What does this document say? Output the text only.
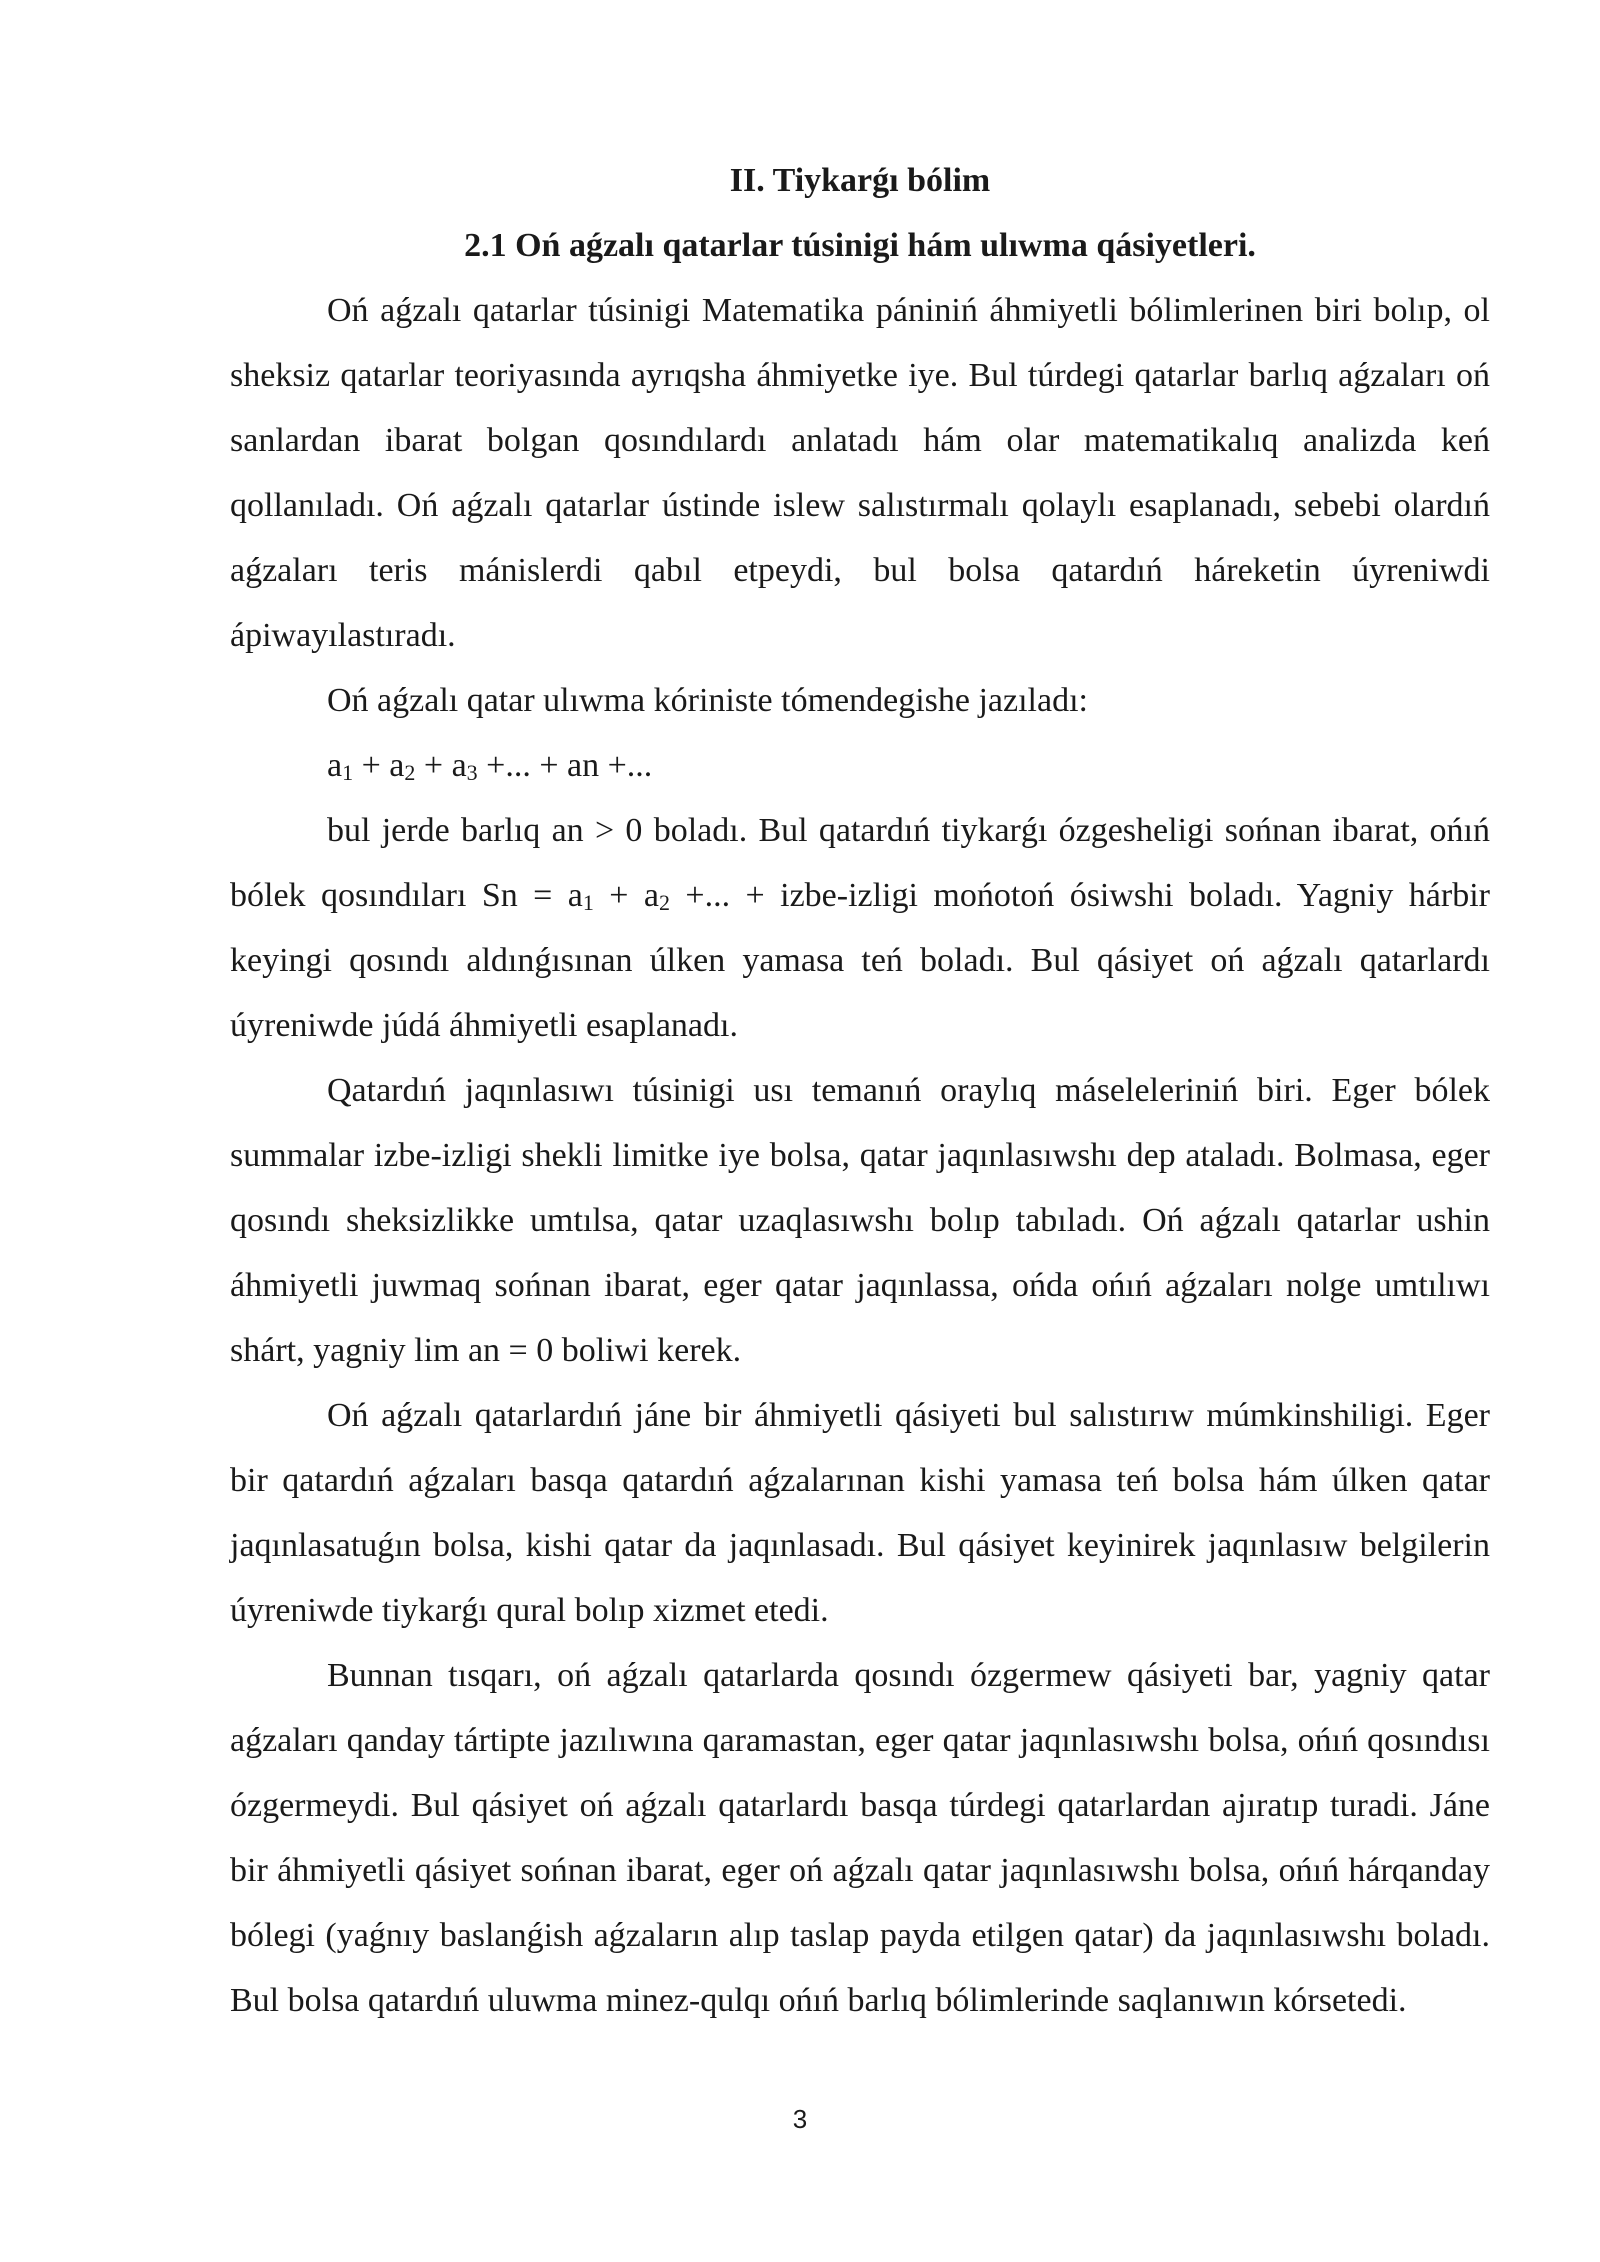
II. Tiykarǵı bólim

2.1 Oń aǵzalı qatarlar túsinigi hám ulıwma qásiyetleri.

Oń aǵzalı qatarlar túsinigi Matematika pániniń áhmiyetli bólimlerinen biri bolıp, ol sheksiz qatarlar teoriyasında ayrıqsha áhmiyetke iye. Bul túrdegi qatarlar barlıq aǵzaları oń sanlardan ibarat bolgan qosındılardı anlatadı hám olar matematikalıq analizda keń qollanıladı. Oń aǵzalı qatarlar ústinde islew salıstırmalı qolaylı esaplanadı, sebebi olardıń aǵzaları teris mánislerdi qabıl etpeydi, bul bolsa qatardıń háreketin úyreniwdi ápiwayılastıradı.

Oń aǵzalı qatar ulıwma kóriniste tómendegishe jazıladı:

$a_1 + a_2 + a_3$ +... + an +...

bul jerde barlıq an > 0 boladı. Bul qatardıń tiykarǵı ózgesheligi sońnan ibarat, ońıń bólek qosındıları $Sn = a_1 + a_2$ +... + izbe-izligi mońotoń ósiwshi boladı. Yagniy hárbir keyingi qosındı aldınǵısınan úlken yamasa teń boladı. Bul qásiyet oń aǵzalı qatarlardı úyreniwde júdá áhmiyetli esaplanadı.

Qatardıń jaqınlasıwı túsinigi usı temanıń oraylıq máseleleriniń biri. Eger bólek summalar izbe-izligi shekli limitke iye bolsa, qatar jaqınlasıwshı dep ataladı. Bolmasa, eger qosındı sheksizlikke umtılsa, qatar uzaqlasıwshı bolıp tabıladı. Oń aǵzalı qatarlar ushin áhmiyetli juwmaq sońnan ibarat, eger qatar jaqınlassa, ońda ońıń aǵzaları nolge umtılıwı shárt, yagniy lim an = 0 boliwi kerek.

Oń aǵzalı qatarlardıń jáne bir áhmiyetli qásiyeti bul salıstırıw múmkinshiligi. Eger bir qatardıń aǵzaları basqa qatardıń aǵzalarınan kishi yamasa teń bolsa hám úlken qatar jaqınlasatuǵın bolsa, kishi qatar da jaqınlasadı. Bul qásiyet keyinirek jaqınlasıw belgilerin úyreniwde tiykarǵı qural bolıp xizmet etedi.

Bunnan tısqarı, oń aǵzalı qatarlarda qosındı ózgermew qásiyeti bar, yagniy qatar aǵzaları qanday tártipte jazılıwına qaramastan, eger qatar jaqınlasıwshı bolsa, ońıń qosındısı ózgermeydi. Bul qásiyet oń aǵzalı qatarlardı basqa túrdegi qatarlardan ajıratıp turadi. Jáne bir áhmiyetli qásiyet sońnan ibarat, eger oń aǵzalı qatar jaqınlasıwshı bolsa, ońıń hárqanday bólegi (yaǵnıy baslanǵish aǵzaların alıp taslap payda etilgen qatar) da jaqınlasıwshı boladı. Bul bolsa qatardıń uluwma minez-qulqı ońıń barlıq bólimlerinde saqlanıwın kórsetedi.

3
